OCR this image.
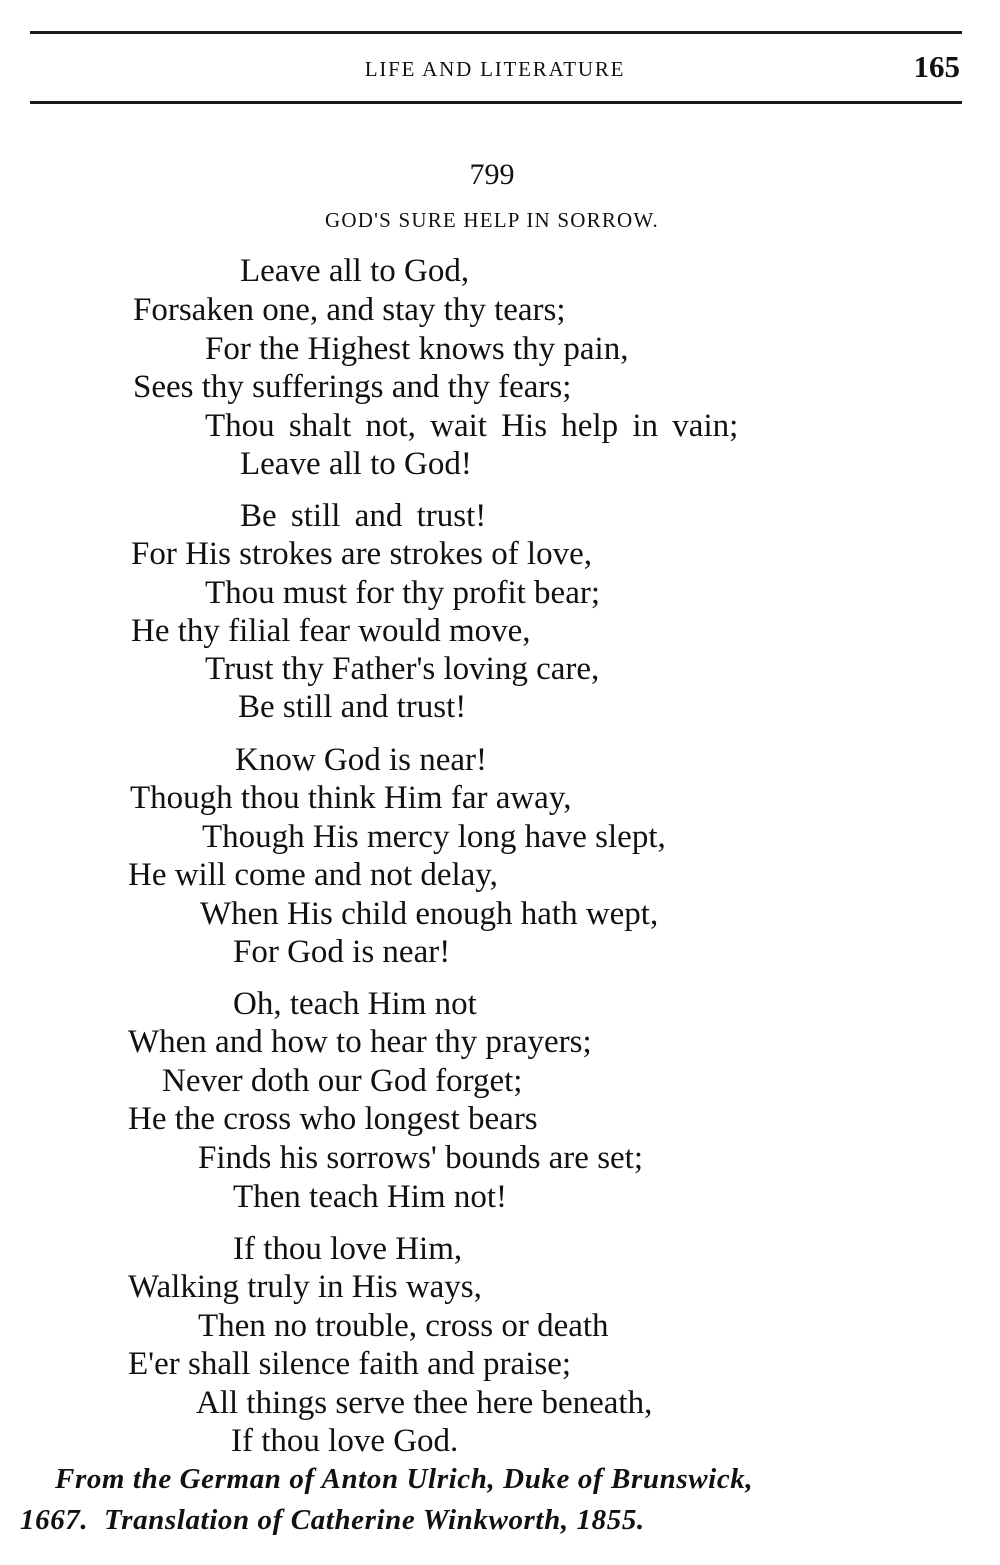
LIFE AND LITERATURE	165
799
GOD'S SURE HELP IN SORROW.
Leave all to God,
Forsaken one, and stay thy tears;
For the Highest knows thy pain,
Sees thy sufferings and thy fears;
Thou shalt not, wait His help in vain;
Leave all to God!
Be still and trust!
For His strokes are strokes of love,
Thou must for thy profit bear;
He thy filial fear would move,
Trust thy Father's loving care,
Be still and trust!
Know God is near!
Though thou think Him far away,
Though His mercy long have slept,
He will come and not delay,
When His child enough hath wept,
For God is near!
Oh, teach Him not
When and how to hear thy prayers;
Never doth our God forget;
He the cross who longest bears
Finds his sorrows' bounds are set;
Then teach Him not!
If thou love Him,
Walking truly in His ways,
Then no trouble, cross or death
E'er shall silence faith and praise;
All things serve thee here beneath,
If thou love God.
From the German of Anton Ulrich, Duke of Brunswick,
1667.  Translation of Catherine Winkworth, 1855.
